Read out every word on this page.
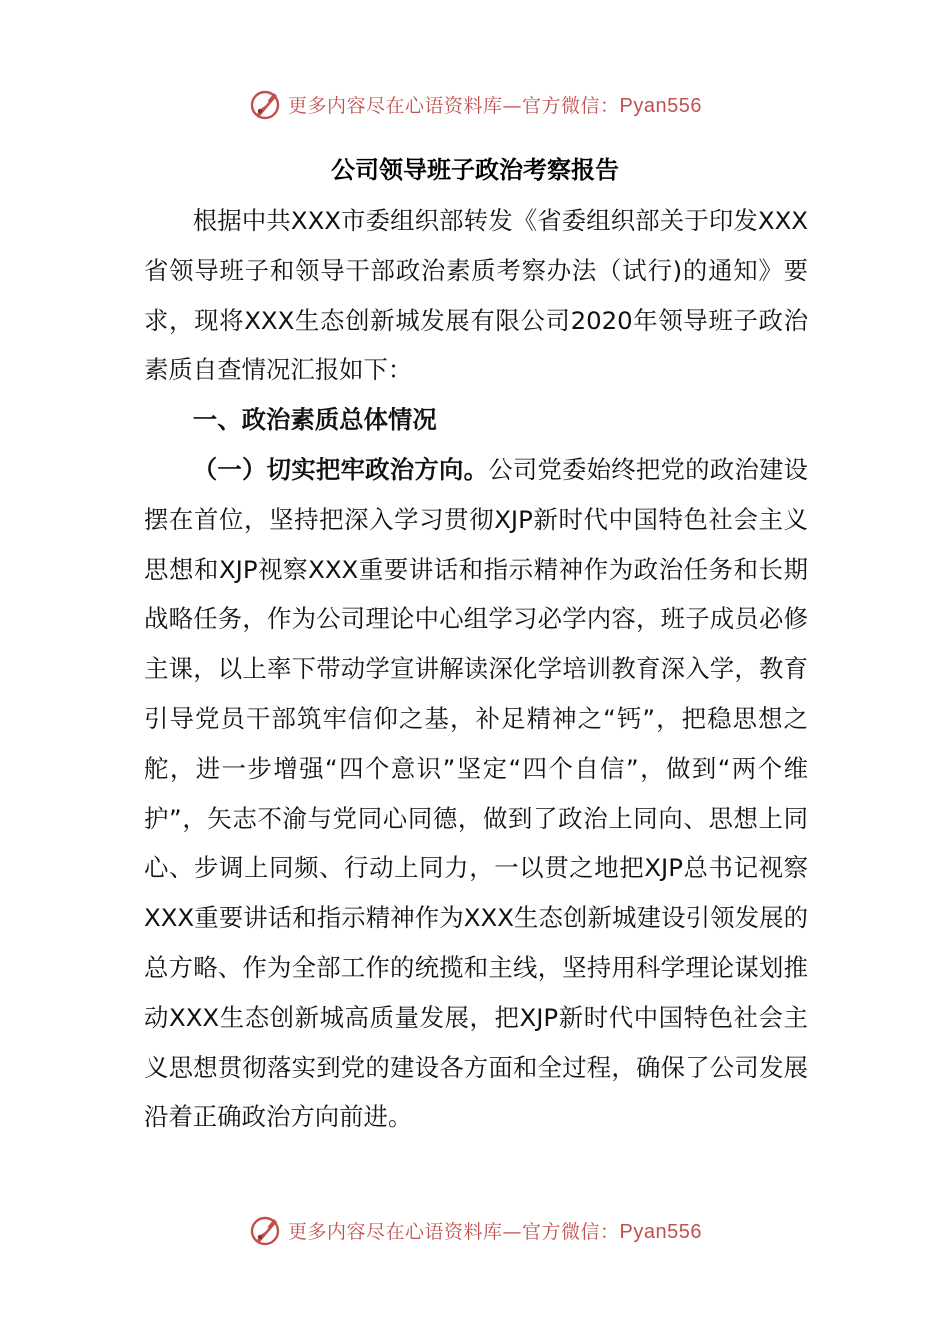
更多内容尽在心语资料库—官方微信：Pyan556
公司领导班子政治考察报告

根据中共XXX市委组织部转发《省委组织部关于印发XXX省领导班子和领导干部政治素质考察办法（试行)的通知》要求，现将XXX生态创新城发展有限公司2020年领导班子政治素质自查情况汇报如下：

一、政治素质总体情况

（一）切实把牢政治方向。公司党委始终把党的政治建设摆在首位，坚持把深入学习贯彻XJP新时代中国特色社会主义思想和XJP视察XXX重要讲话和指示精神作为政治任务和长期战略任务，作为公司理论中心组学习必学内容，班子成员必修主课，以上率下带动学宣讲解读深化学培训教育深入学，教育引导党员干部筑牢信仰之基，补足精神之“钙”，把稳思想之舵，进一步增强“四个意识”坚定“四个自信”，做到“两个维护”，矢志不渝与党同心同德，做到了政治上同向、思想上同心、步调上同频、行动上同力，一以贯之地把XJP总书记视察XXX重要讲话和指示精神作为XXX生态创新城建设引领发展的总方略、作为全部工作的统揽和主线，坚持用科学理论谋划推动XXX生态创新城高质量发展，把XJP新时代中国特色社会主义思想贯彻落实到党的建设各方面和全过程，确保了公司发展沿着正确政治方向前进。

更多内容尽在心语资料库—官方微信：Pyan556
